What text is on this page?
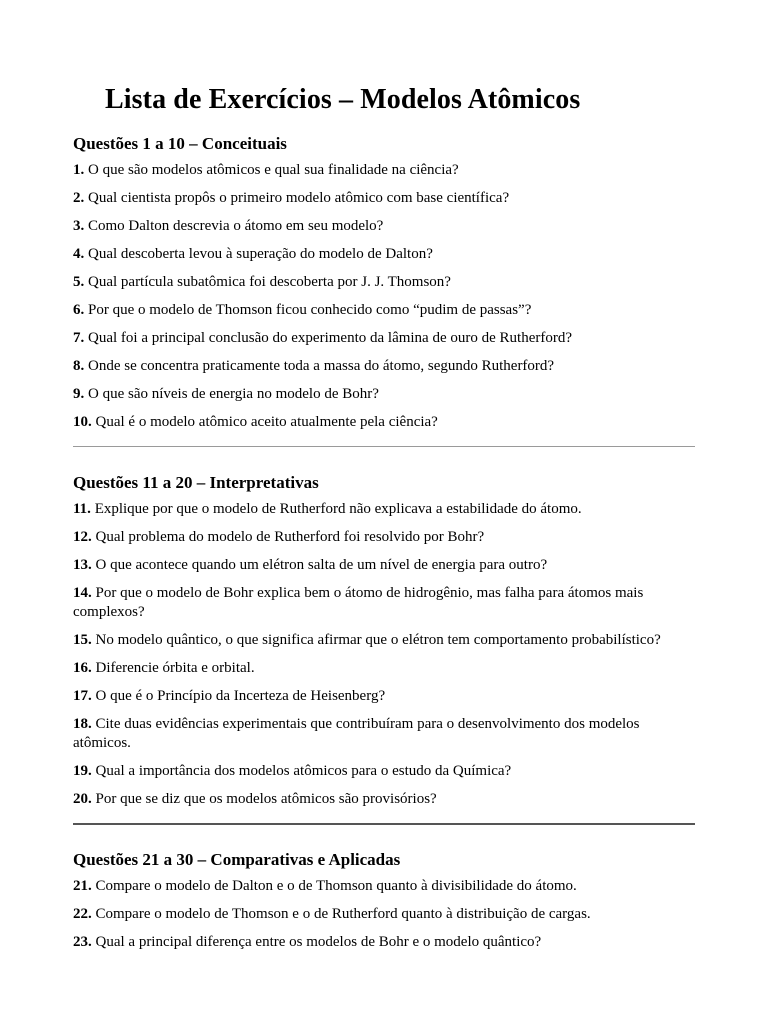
Lista de Exercícios – Modelos Atômicos
Questões 1 a 10 – Conceituais

1. O que são modelos atômicos e qual sua finalidade na ciência?

2. Qual cientista propôs o primeiro modelo atômico com base científica?

3. Como Dalton descrevia o átomo em seu modelo?

4. Qual descoberta levou à superação do modelo de Dalton?

5. Qual partícula subatômica foi descoberta por J. J. Thomson?

6. Por que o modelo de Thomson ficou conhecido como “pudim de passas”?

7. Qual foi a principal conclusão do experimento da lâmina de ouro de Rutherford?

8. Onde se concentra praticamente toda a massa do átomo, segundo Rutherford?

9. O que são níveis de energia no modelo de Bohr?

10. Qual é o modelo atômico aceito atualmente pela ciência?

Questões 11 a 20 – Interpretativas

11. Explique por que o modelo de Rutherford não explicava a estabilidade do átomo.

12. Qual problema do modelo de Rutherford foi resolvido por Bohr?

13. O que acontece quando um elétron salta de um nível de energia para outro?

14. Por que o modelo de Bohr explica bem o átomo de hidrogênio, mas falha para átomos mais complexos?

15. No modelo quântico, o que significa afirmar que o elétron tem comportamento probabilístico?

16. Diferencie órbita e orbital.

17. O que é o Princípio da Incerteza de Heisenberg?

18. Cite duas evidências experimentais que contribuíram para o desenvolvimento dos modelos atômicos.

19. Qual a importância dos modelos atômicos para o estudo da Química?

20. Por que se diz que os modelos atômicos são provisórios?

Questões 21 a 30 – Comparativas e Aplicadas

21. Compare o modelo de Dalton e o de Thomson quanto à divisibilidade do átomo.

22. Compare o modelo de Thomson e o de Rutherford quanto à distribuição de cargas.

23. Qual a principal diferença entre os modelos de Bohr e o modelo quântico?
